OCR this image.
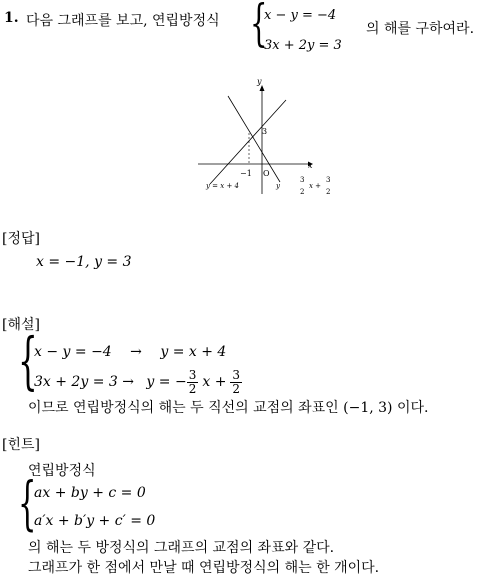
1. 다음 그래프를 보고, 연립방정식 {
x − y = −4
3x + 2y = 3
의 해를 구하여라.
y
x
3
−1 O
y = x + 4	y
3
2
x +
3
2
[정답]
x = −1, y = 3
[해설]
{
x − y = −4 → y = x + 4
3x + 2y = 3 → y = − $\frac{3}{2}$ $x + \frac{3}{2}$
이므로 연립방정식의 해는 두 직선의 교점의 좌표인 (−1, 3) 이다.
[힌트]
연립방정식
{
ax + by + c = 0
a′x + b′y + c′ = 0
의 해는 두 방정식의 그래프의 교점의 좌표와 같다.
그래프가 한 점에서 만날 때 연립방정식의 해는 한 개이다.
